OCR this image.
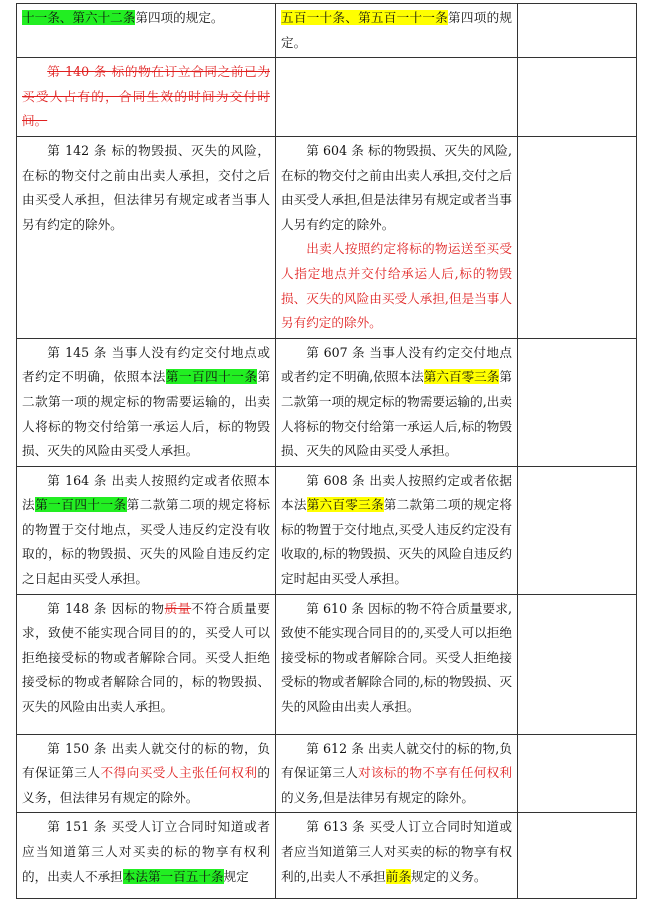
十一条、第六十二条第四项的规定。	五百一十条、第五百一十一条第四项的规定。	

第 140 条 标的物在订立合同之前已为买受人占有的，合同生效的时间为交付时间。		

第 142 条 标的物毁损、灭失的风险，在标的物交付之前由出卖人承担，交付之后由买受人承担，但法律另有规定或者当事人另有约定的除外。	第 604 条 标的物毁损、灭失的风险,在标的物交付之前由出卖人承担,交付之后由买受人承担,但是法律另有规定或者当事人另有约定的除外。

出卖人按照约定将标的物运送至买受人指定地点并交付给承运人后,标的物毁损、灭失的风险由买受人承担,但是当事人另有约定的除外。	

第 145 条 当事人没有约定交付地点或者约定不明确，依照本法第一百四十一条第二款第一项的规定标的物需要运输的，出卖人将标的物交付给第一承运人后，标的物毁损、灭失的风险由买受人承担。	第 607 条 当事人没有约定交付地点或者约定不明确,依照本法第六百零三条第二款第一项的规定标的物需要运输的,出卖人将标的物交付给第一承运人后,标的物毁损、灭失的风险由买受人承担。	

第 164 条 出卖人按照约定或者依照本法第一百四十一条第二款第二项的规定将标的物置于交付地点，买受人违反约定没有收取的，标的物毁损、灭失的风险自违反约定之日起由买受人承担。	第 608 条 出卖人按照约定或者依据本法第六百零三条第二款第二项的规定将标的物置于交付地点,买受人违反约定没有收取的,标的物毁损、灭失的风险自违反约定时起由买受人承担。	

第 148 条 因标的物质量不符合质量要求，致使不能实现合同目的的，买受人可以拒绝接受标的物或者解除合同。买受人拒绝接受标的物或者解除合同的，标的物毁损、灭失的风险由出卖人承担。	第 610 条 因标的物不符合质量要求,致使不能实现合同目的的,买受人可以拒绝接受标的物或者解除合同。买受人拒绝接受标的物或者解除合同的,标的物毁损、灭失的风险由出卖人承担。	

第 150 条 出卖人就交付的标的物，负有保证第三人不得向买受人主张任何权利的义务，但法律另有规定的除外。	第 612 条 出卖人就交付的标的物,负有保证第三人对该标的物不享有任何权利的义务,但是法律另有规定的除外。	

第 151 条 买受人订立合同时知道或者应当知道第三人对买卖的标的物享有权利的，出卖人不承担本法第一百五十条规定	第 613 条 买受人订立合同时知道或者应当知道第三人对买卖的标的物享有权利的,出卖人不承担前条规定的义务。	
